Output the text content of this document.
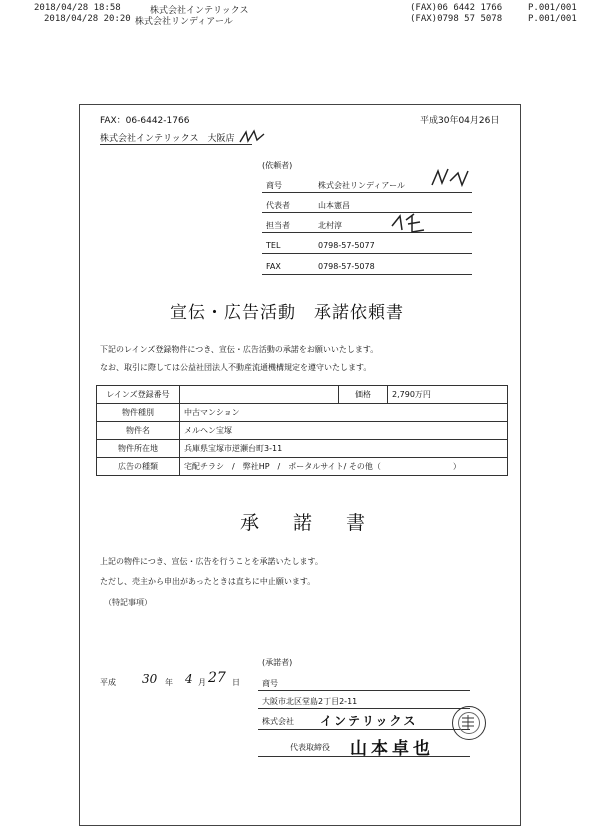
2018/04/28 18:58	株式会社インテリックス	(FAX)06 6442 1766	P.001/001
2018/04/28 20:20 株式会社リンディアール	(FAX)0798 57 5078	P.001/001
FAX：06-6442-1766	平成30年04月26日
株式会社インテリックス　大阪店
(依頼者)
商号	株式会社リンディアール
代表者	山本憲昌
担当者	北村淳
TEL	0798-57-5077
FAX	0798-57-5078
宣伝・広告活動　承諾依頼書
下記のレインズ登録物件につき、宣伝・広告活動の承諾をお願いいたします。
なお、取引に際しては公益社団法人不動産流通機構規定を遵守いたします。
レインズ登録番号		価格	2,790万円
物件種別	中古マンション		
物件名	メルヘン宝塚		
物件所在地	兵庫県宝塚市逆瀬台町3-11		
広告の種類	宅配チラシ　/　弊社HP　/　ポータルサイト/ その他（　　　　　　　　　）		
承諾書
上記の物件につき、宣伝・広告を行うことを承諾いたします。
ただし、売主から申出があったときは直ちに中止願います。
（特記事項）
(承諾者)
平成 30 年 4 月 27 日	商号
大阪市北区堂島2丁目2-11
株式会社 インテリックス
代表取締役 山本卓也
